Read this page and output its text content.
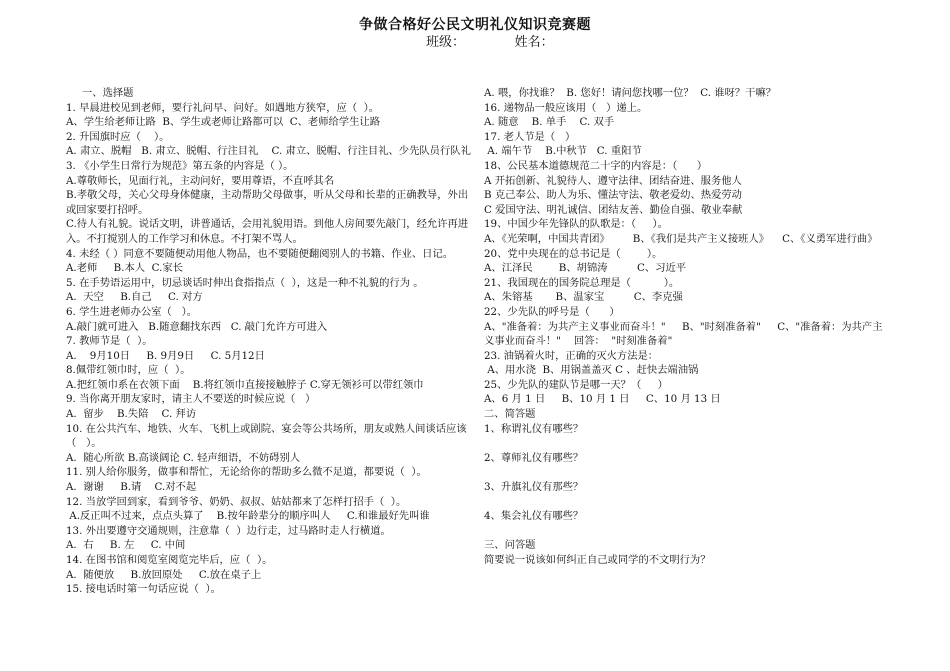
争做合格好公民文明礼仪知识竞赛题
班级：	姓名：

一、选择题

1. 早晨进校见到老师，要行礼问早、问好。如遇地方狭窄，应（  ）。

A、学生给老师让路  B、学生或老师让路都可以  C、老师给学生让路

2. 升国旗时应（    ）。

A. 肃立、脱帽   B. 肃立、脱帽、行注目礼    C. 肃立、脱帽、行注目礼、少先队员行队礼

3. 《小学生日常行为规范》第五条的内容是（ ）。

A.尊敬师长，见面行礼，主动问好，要用尊语，不直呼其名

B.孝敬父母，关心父母身体健康，主动帮助父母做事，听从父母和长辈的正确教导，外出或回家要打招呼。

C.待人有礼貌。说话文明，讲普通话，会用礼貌用语。到他人房间要先敲门，经允许再进入。不打搅别人的工作学习和休息。不打架不骂人。

4. 未经（ ）同意不要随便动用他人物品，也不要随便翻阅别人的书籍、作业、日记。

A.老师     B.本人  C.家长

5. 在手势语运用中，切忌谈话时伸出食指指点（  ），这是一种不礼貌的行为 。

A.  天空     B.自己     C. 对方

6. 学生进老师办公室（   ）。

A.敲门就可进入   B.随意翻找东西   C. 敲门允许方可进入

7. 教师节是（  ）。

A.    9月10日     B. 9月9日     C. 5月12日

8.佩带红领巾时，应（  ）。

A.把红领巾系在衣领下面    B.将红领巾直接接触脖子 C.穿无领衫可以带红领巾

9. 当你离开朋友家时，请主人不要送的时候应说（   ）

A.  留步    B.失陪    C. 拜访

10. 在公共汽车、地铁、火车、飞机上或剧院、宴会等公共场所，朋友或熟人间谈话应该（   ）。

A.  随心所欲 B.高谈阔论 C. 轻声细语，不妨碍别人

11. 别人给你服务，做事和帮忙，无论给你的帮助多么微不足道，都要说（  ）。

A.  谢谢     B.请    C.对不起

12. 当放学回到家，看到爷爷、奶奶、叔叔、姑姑都来了怎样打招手（  ）。

A.反正叫不过来，点点头算了    B.按年龄辈分的顺序叫人     C.和谁最好先叫谁

13. 外出要遵守交通规则，注意靠（  ）边行走，过马路时走人行横道。

A.  右     B. 左     C. 中间

14. 在图书馆和阅览室阅览完毕后，应（  ）。

A.  随便放     B.放回原处     C.放在桌子上

15. 接电话时第一句话应说（  ）。

A. 喂，你找谁？  B. 您好！请问您找哪一位？  C. 谁呀？干嘛？

16. 递物品一般应该用（   ）递上。

A. 随意    B. 单手    C. 双手

17. 老人节是（   ）

A. 端午节    B.中秋节   C. 重阳节

18、公民基本道德规范二十字的内容是：（      ）

A 开拓创新、礼貌待人、遵守法律、团结奋进、服务他人

B 克己奉公、助人为乐、懂法守法、敬老爱幼、热爱劳动

C 爱国守法、明礼诚信、团结友善、勤俭自强、敬业奉献

19、中国少年先锋队的队歌是：（     ）。

A、《光荣啊，中国共青团》       B、《我们是共产主义接班人》    C、《义勇军进行曲》

20、党中央现在的总书记是（        ）。

A、江泽民        B、胡锦涛         C、习近平

21、我国现在的国务院总理是（          ）。

A、朱镕基       B、温家宝         C、李克强

22、少先队的呼号是（      ）

A、"准备着：为共产主义事业而奋斗！"     B、"时刻准备着"     C、"准备着：为共产主义事业而奋斗！"    回答：  "时刻准备着"

23. 油锅着火时，正确的灭火方法是：

A、用水浇  B、用锅盖盖灭 C 、赶快去端油锅

25、少先队的建队节是哪一天？（     ）

A、6 月 1 日     B、10 月 1 日     C、10 月 13 日

二、简答题

1、称谓礼仪有哪些？

2、尊师礼仪有哪些？

3、升旗礼仪有那些？

4、集会礼仪有哪些？

三、问答题

简要说一说该如何纠正自己或同学的不文明行为？
